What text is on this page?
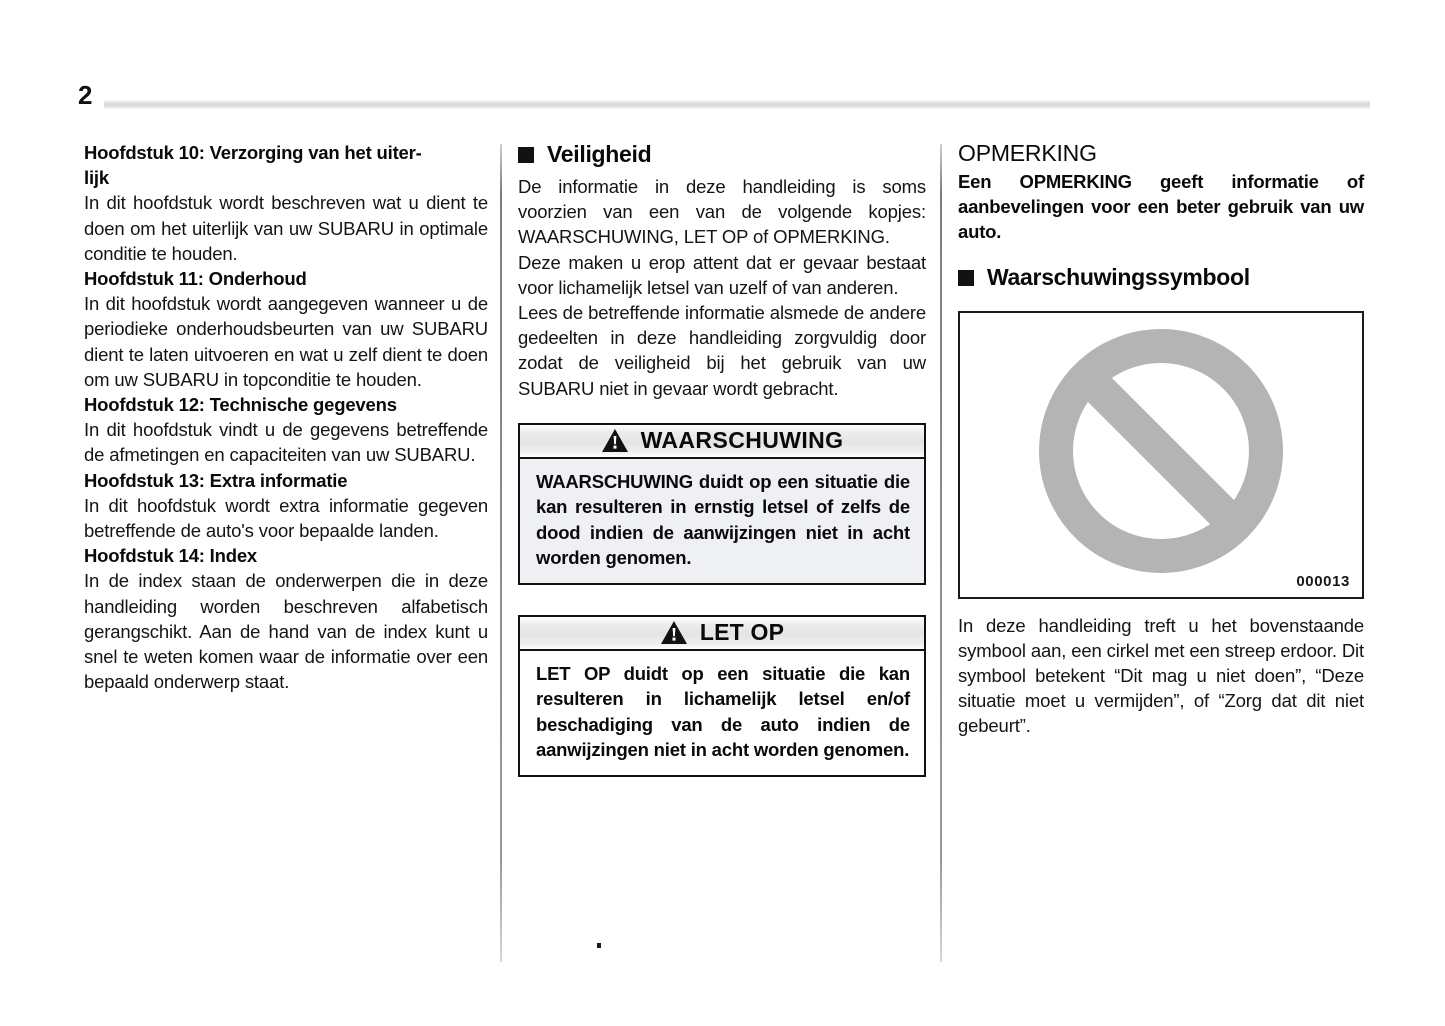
2
Hoofdstuk 10: Verzorging van het uiter-
lijk

In dit hoofdstuk wordt beschreven wat u dient te doen om het uiterlijk van uw SUBARU in optimale conditie te houden.

Hoofdstuk 11: Onderhoud

In dit hoofdstuk wordt aangegeven wanneer u de periodieke onderhoudsbeurten van uw SUBARU dient te laten uitvoeren en wat u zelf dient te doen om uw SUBARU in topconditie te houden.

Hoofdstuk 12: Technische gegevens

In dit hoofdstuk vindt u de gegevens betreffende de afmetingen en capaciteiten van uw SUBARU.

Hoofdstuk 13: Extra informatie

In dit hoofdstuk wordt extra informatie gegeven betreffende de auto's voor bepaalde landen.

Hoofdstuk 14: Index

In de index staan de onderwerpen die in deze handleiding worden beschreven alfabetisch gerangschikt. Aan de hand van de index kunt u snel te weten komen waar de informatie over een bepaald onderwerp staat.

Veiligheid

De informatie in deze handleiding is soms voorzien van een van de volgende kopjes: WAARSCHUWING, LET OP of OPMERKING.

Deze maken u erop attent dat er gevaar bestaat voor lichamelijk letsel van uzelf of van anderen.

Lees de betreffende informatie alsmede de andere gedeelten in deze handleiding zorgvuldig door zodat de veiligheid bij het gebruik van uw SUBARU niet in gevaar wordt gebracht.

WAARSCHUWING

WAARSCHUWING duidt op een situatie die kan resulteren in ernstig letsel of zelfs de dood indien de aanwijzingen niet in acht worden genomen.

LET OP

LET OP duidt op een situatie die kan resulteren in lichamelijk letsel en/of beschadiging van de auto indien de aanwijzingen niet in acht worden genomen.

OPMERKING

Een OPMERKING geeft informatie of aanbevelingen voor een beter gebruik van uw auto.

Waarschuwingssymbool
000013

In deze handleiding treft u het bovenstaande symbool aan, een cirkel met een streep erdoor. Dit symbool betekent “Dit mag u niet doen”, “Deze situatie moet u vermijden”, of “Zorg dat dit niet gebeurt”.
